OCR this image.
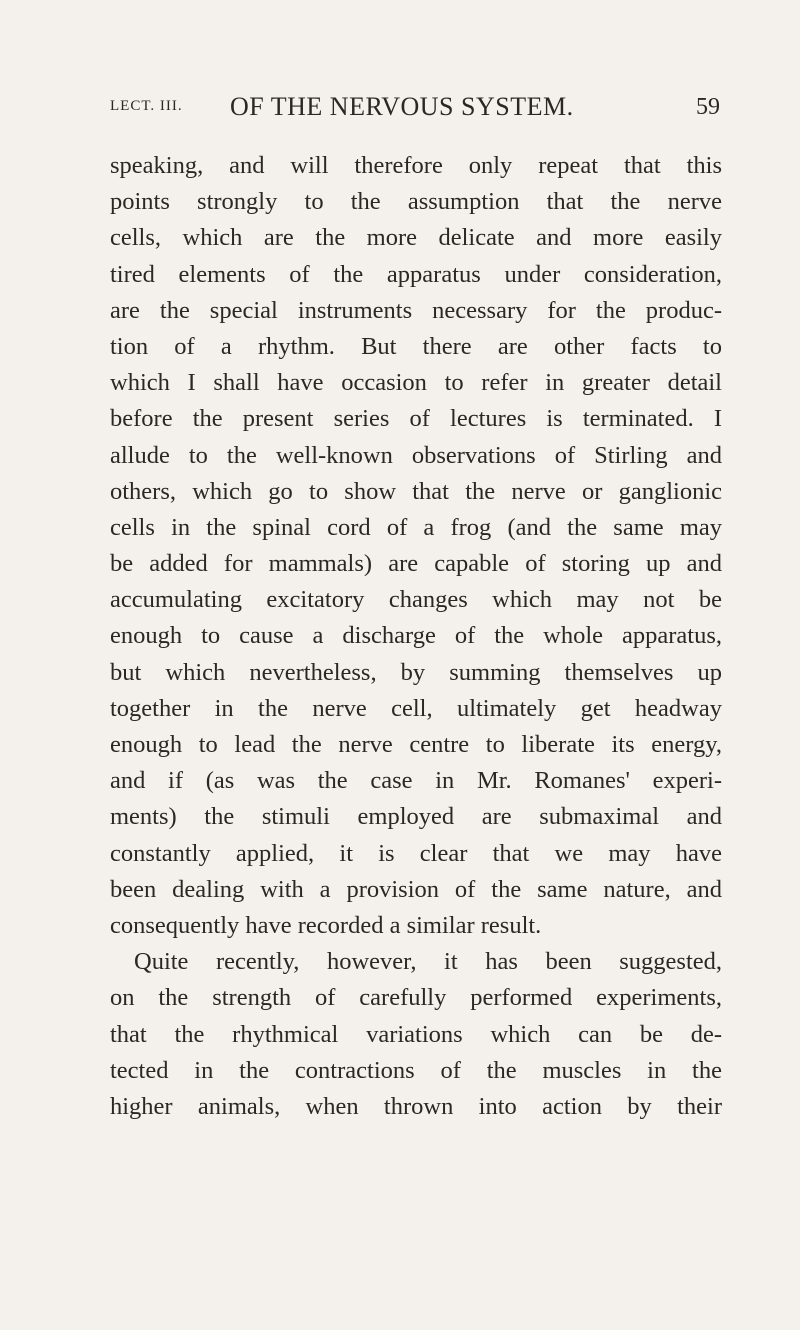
LECT. III. OF THE NERVOUS SYSTEM.	59
speaking, and will therefore only repeat that this
points strongly to the assumption that the nerve
cells, which are the more delicate and more easily
tired elements of the apparatus under consideration,
are the special instruments necessary for the produc-
tion of a rhythm. But there are other facts to
which I shall have occasion to refer in greater detail
before the present series of lectures is terminated. I
allude to the well-known observations of Stirling and
others, which go to show that the nerve or ganglionic
cells in the spinal cord of a frog (and the same may
be added for mammals) are capable of storing up and
accumulating excitatory changes which may not be
enough to cause a discharge of the whole apparatus,
but which nevertheless, by summing themselves up
together in the nerve cell, ultimately get headway
enough to lead the nerve centre to liberate its energy,
and if (as was the case in Mr. Romanes' experi-
ments) the stimuli employed are submaximal and
constantly applied, it is clear that we may have
been dealing with a provision of the same nature, and
consequently have recorded a similar result.
Quite recently, however, it has been suggested,
on the strength of carefully performed experiments,
that the rhythmical variations which can be de-
tected in the contractions of the muscles in the
higher animals, when thrown into action by their
